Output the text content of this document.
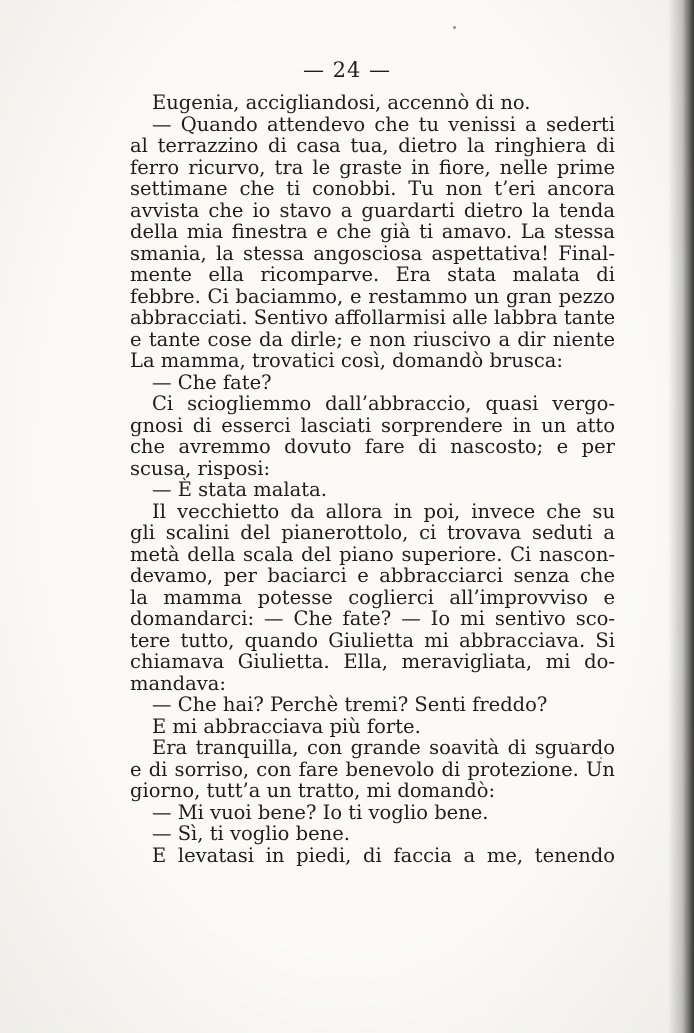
— 24 —
Eugenia, accigliandosi, accennò di no.
— Quando attendevo che tu venissi a sederti
al terrazzino di casa tua, dietro la ringhiera di
ferro ricurvo, tra le graste in fiore, nelle prime
settimane che ti conobbi. Tu non t’eri ancora
avvista che io stavo a guardarti dietro la tenda
della mia finestra e che già ti amavo. La stessa
smania, la stessa angosciosa aspettativa! Final-
mente ella ricomparve. Era stata malata di
febbre. Ci baciammo, e restammo un gran pezzo
abbracciati. Sentivo affollarmisi alle labbra tante
e tante cose da dirle; e non riuscivo a dir niente
La mamma, trovatici così, domandò brusca:
— Che fate?
Ci sciogliemmo dall’abbraccio, quasi vergo-
gnosi di esserci lasciati sorprendere in un atto
che avremmo dovuto fare di nascosto; e per
scusa, risposi:
— È stata malata.
Il vecchietto da allora in poi, invece che su
gli scalini del pianerottolo, ci trovava seduti a
metà della scala del piano superiore. Ci nascon-
devamo, per baciarci e abbracciarci senza che
la mamma potesse coglierci all’improvviso e
domandarci: — Che fate? — Io mi sentivo sco-
tere tutto, quando Giulietta mi abbracciava. Si
chiamava Giulietta. Ella, meravigliata, mi do-
mandava:
— Che hai? Perchè tremi? Senti freddo?
E mi abbracciava più forte.
Era tranquilla, con grande soavità di sguardo
e di sorriso, con fare benevolo di protezione. Un
giorno, tutt’a un tratto, mi domandò:
— Mi vuoi bene? Io ti voglio bene.
— Sì, ti voglio bene.
E levatasi in piedi, di faccia a me, tenendo
